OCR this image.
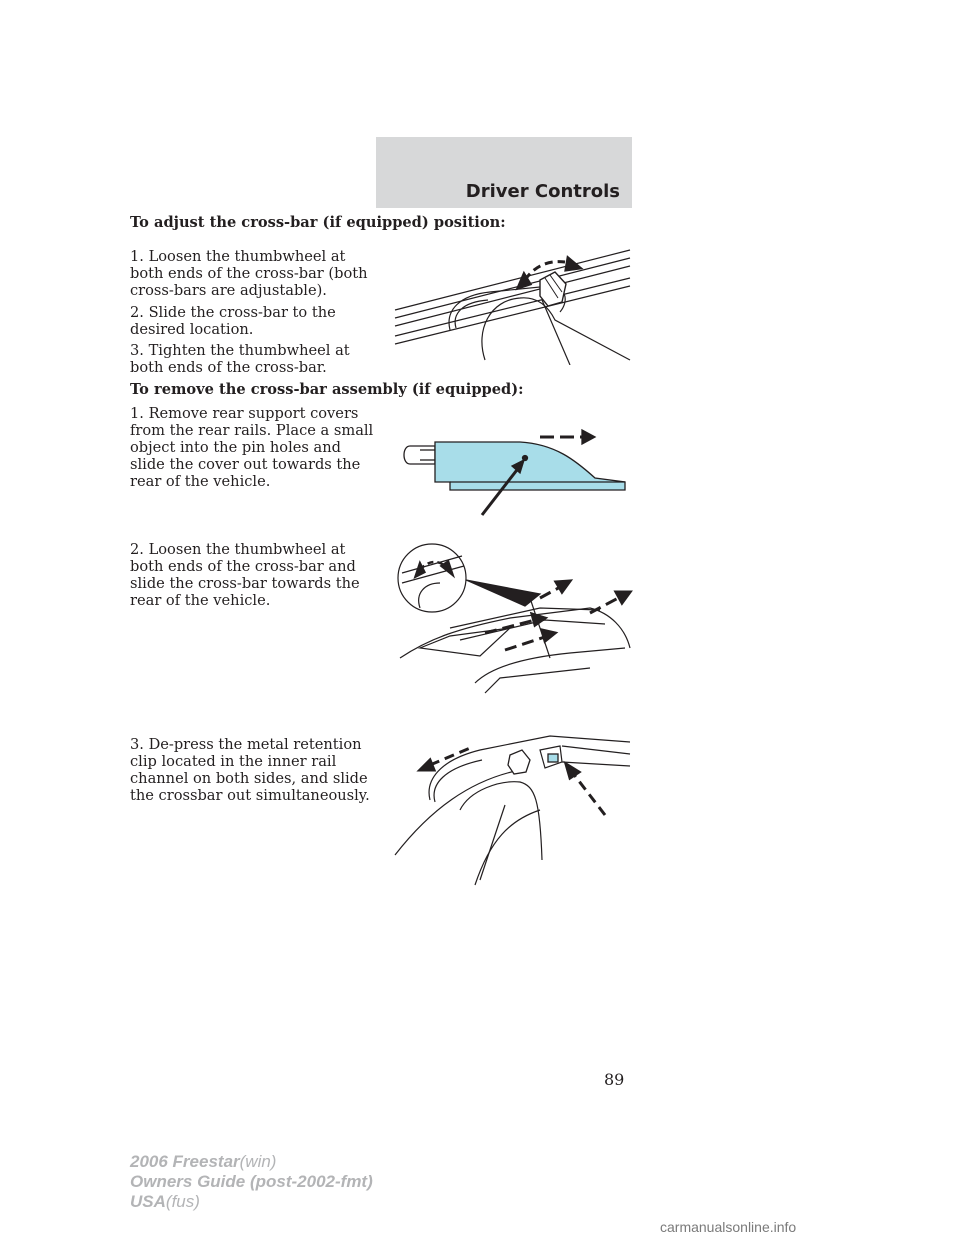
Driver Controls
To adjust the cross-bar (if equipped) position:
1. Loosen the thumbwheel at both ends of the cross-bar (both cross-bars are adjustable).
2. Slide the cross-bar to the desired location.
3. Tighten the thumbwheel at both ends of the cross-bar.
To remove the cross-bar assembly (if equipped):
1. Remove rear support covers from the rear rails. Place a small object into the pin holes and slide the cover out towards the rear of the vehicle.
2. Loosen the thumbwheel at both ends of the cross-bar and slide the cross-bar towards the rear of the vehicle.
3. De-press the metal retention clip located in the inner rail channel on both sides, and slide the crossbar out simultaneously.
89
2006 Freestar(win)
Owners Guide (post-2002-fmt)
USA(fus)
carmanualsonline.info
